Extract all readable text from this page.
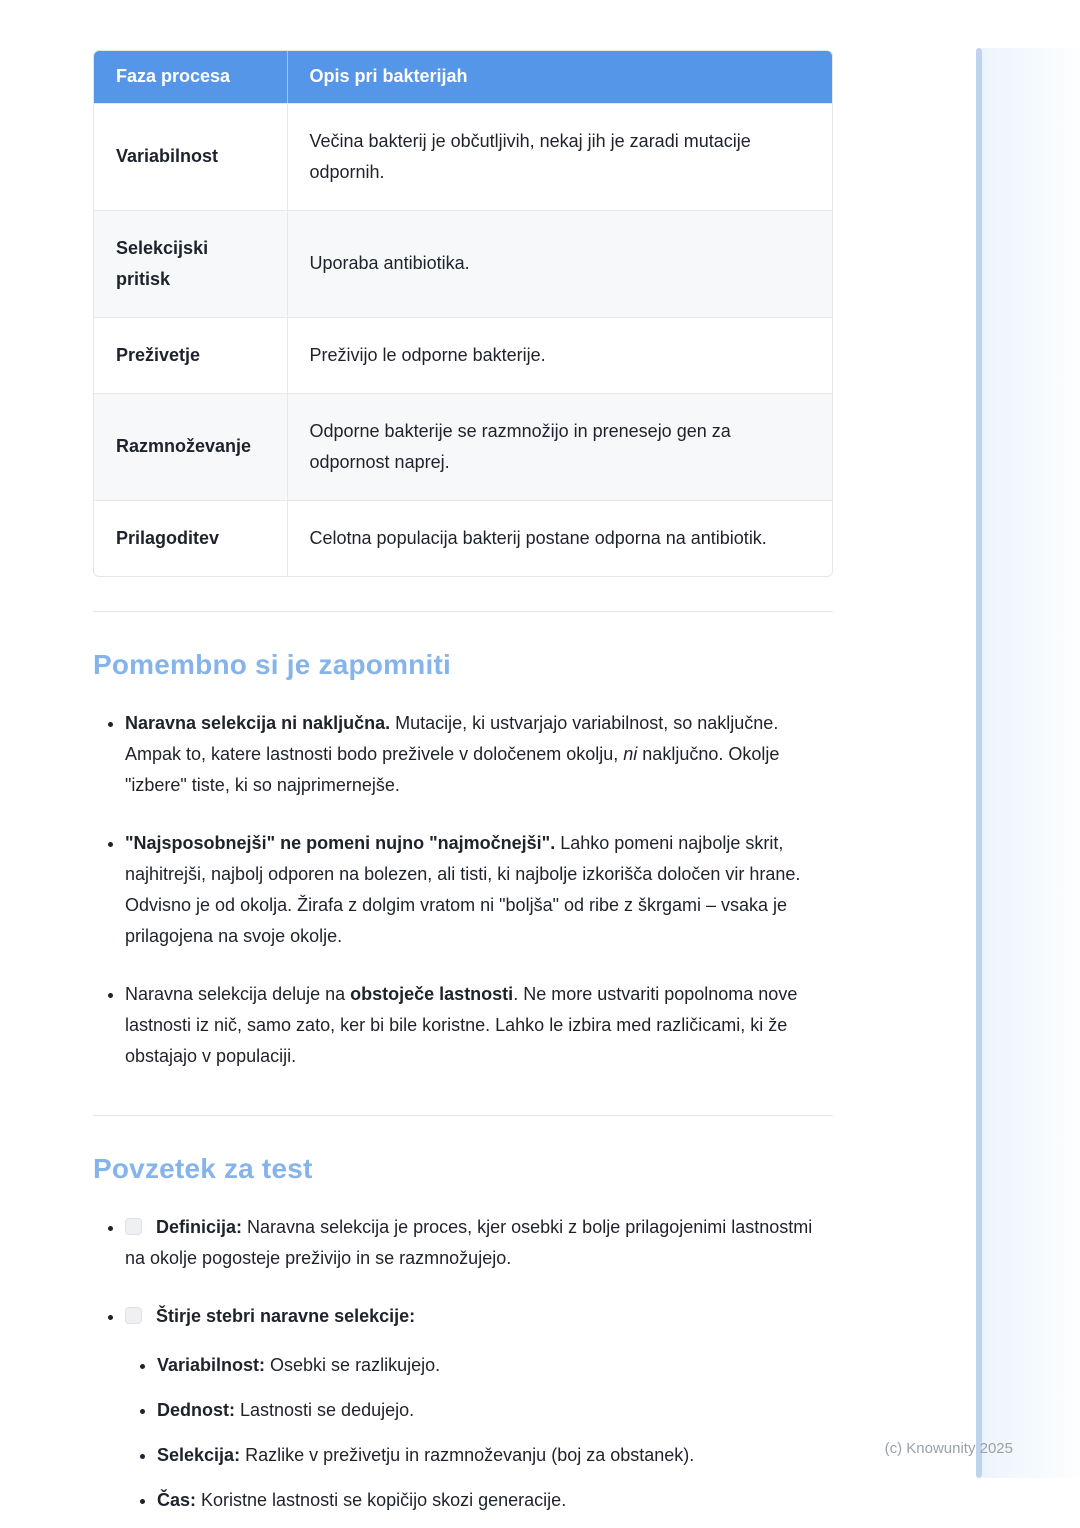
Faza procesa	Opis pri bakterijah
Variabilnost	Večina bakterij je občutljivih, nekaj jih je zaradi mutacije odpornih.
Selekcijski pritisk	Uporaba antibiotika.
Preživetje	Preživijo le odporne bakterije.
Razmnoževanje	Odporne bakterije se razmnožijo in prenesejo gen za odpornost naprej.
Prilagoditev	Celotna populacija bakterij postane odporna na antibiotik.
Pomembno si je zapomniti
• Naravna selekcija ni naključna. Mutacije, ki ustvarjajo variabilnost, so naključne. Ampak to, katere lastnosti bodo preživele v določenem okolju, ni naključno. Okolje "izbere" tiste, ki so najprimernejše.
• "Najsposobnejši" ne pomeni nujno "najmočnejši". Lahko pomeni najbolje skrit, najhitrejši, najbolj odporen na bolezen, ali tisti, ki najbolje izkorišča določen vir hrane. Odvisno je od okolja. Žirafa z dolgim vratom ni "boljša" od ribe z škrgami – vsaka je prilagojena na svoje okolje.
• Naravna selekcija deluje na obstoječe lastnosti. Ne more ustvariti popolnoma nove lastnosti iz nič, samo zato, ker bi bile koristne. Lahko le izbira med različicami, ki že obstajajo v populaciji.
Povzetek za test
• Definicija: Naravna selekcija je proces, kjer osebki z bolje prilagojenimi lastnostmi na okolje pogosteje preživijo in se razmnožujejo.
• Štirje stebri naravne selekcije:
• Variabilnost: Osebki se razlikujejo.
• Dednost: Lastnosti se dedujejo.
• Selekcija: Razlike v preživetju in razmnoževanju (boj za obstanek).
• Čas: Koristne lastnosti se kopičijo skozi generacije.
(c) Knowunity 2025
